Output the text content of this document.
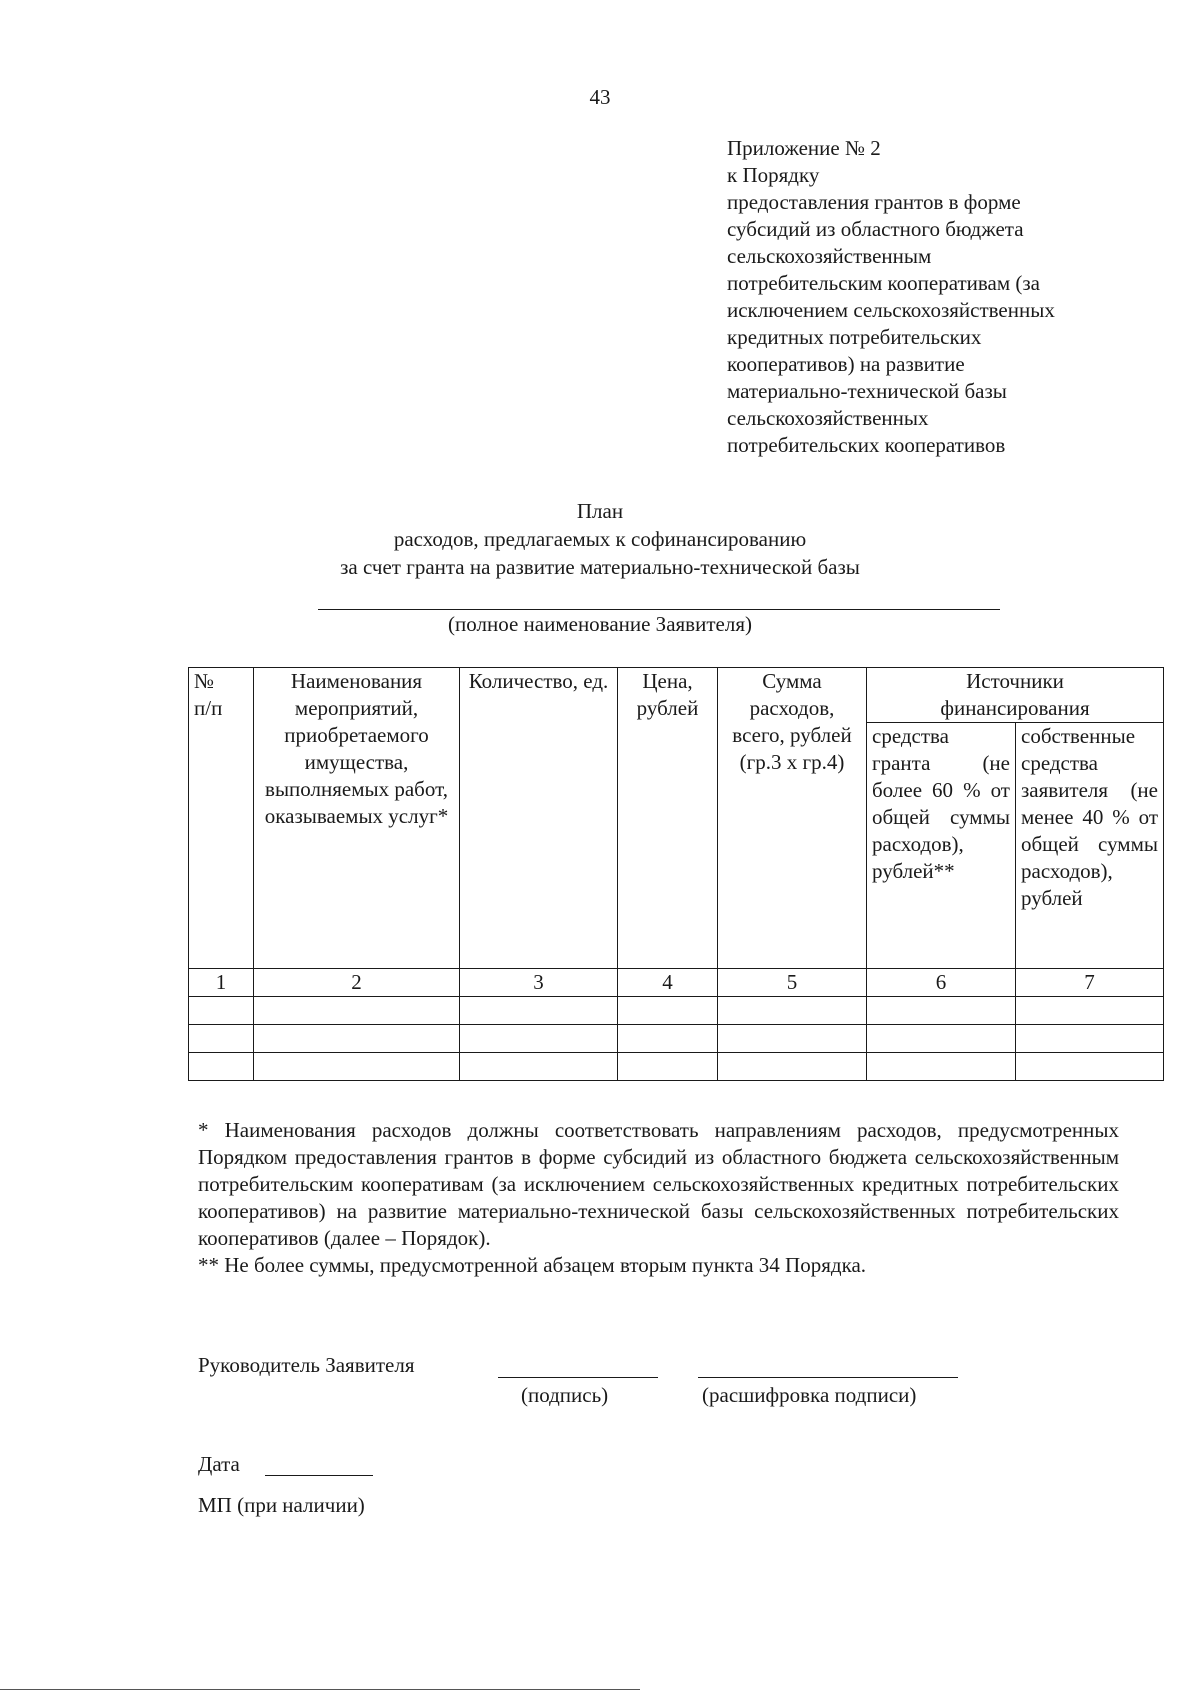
43
Приложение № 2
к Порядку
предоставления грантов в форме
субсидий из областного бюджета
сельскохозяйственным
потребительским кооперативам (за
исключением сельскохозяйственных
кредитных потребительских
кооперативов) на развитие
материально-технической базы
сельскохозяйственных
потребительских кооперативов
План
расходов, предлагаемых к софинансированию
за счет гранта на развитие материально-технической базы
(полное наименование Заявителя)
№ п/п	Наименования мероприятий, приобретаемого имущества, выполняемых работ, оказываемых услуг*	Количество, ед.	Цена, рублей	Сумма расходов, всего, рублей (гр.3 x гр.4)	Источники финансирования	

					средства гранта (не более 60 % от общей суммы расходов), рублей**	собственные средства заявителя (не менее 40 % от общей суммы расходов), рублей

1	2	3	4	5	6	7

* Наименования расходов должны соответствовать направлениям расходов, предусмотренных Порядком предоставления грантов в форме субсидий из областного бюджета сельскохозяйственным потребительским кооперативам (за исключением сельскохозяйственных кредитных потребительских кооперативов) на развитие материально-технической базы сельскохозяйственных потребительских кооперативов (далее – Порядок).

** Не более суммы, предусмотренной абзацем вторым пункта 34 Порядка.

Руководитель Заявителя
(подпись)	(расшифровка подписи)
Дата
МП (при наличии)
